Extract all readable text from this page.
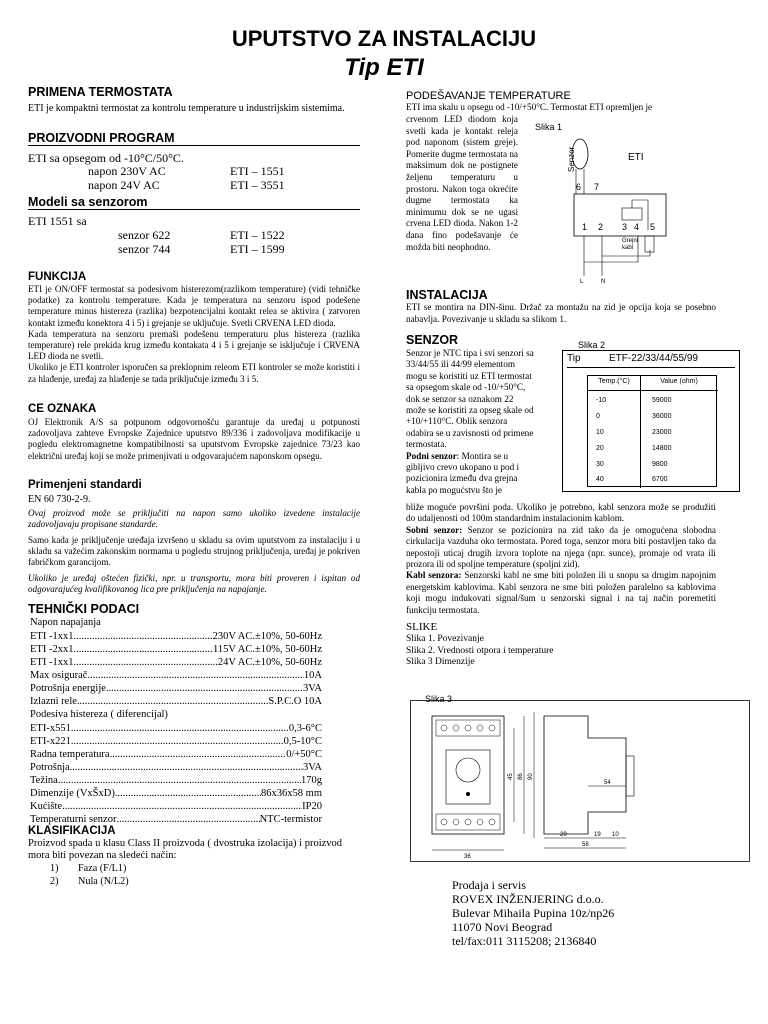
UPUTSTVO ZA INSTALACIJU
Tip ETI
PRIMENA TERMOSTATA
ETI je kompaktni termostat za kontrolu temperature u industrijskim sistemima.
PROIZVODNI PROGRAM
ETI sa opsegom od -10°C/50°C.
napon 230V AC	ETI – 1551
napon 24V AC	ETI – 3551
Modeli sa senzorom
ETI 1551 sa
senzor 622	ETI – 1522
senzor 744	ETI – 1599
FUNKCIJA
ETI je ON/OFF termostat sa podesivom histerezom(razlikom temperature) (vidi tehničke podatke) za kontrolu temperature. Kada je temperatura na senzoru ispod podešene temperature minus histereza (razlika) bezpotencijalni kontakt relea se aktivira ( zatvoren kontakt između konektora 4 i 5) i grejanje se uključuje. Svetli CRVENA LED dioda.
Kada temperatura na senzoru premaši podešenu temperaturu plus histereza (razlika temperature) rele prekida krug između kontakata 4 i 5 i grejanje se isključuje i CRVENA LED dioda ne svetli.
Ukoliko je ETI kontroler isporučen sa preklopnim releom ETI kontroler se može koristiti i za hlađenje, uređaj za hlađenje se tada priključuje između 3 i 5.
CE OZNAKA
OJ Elektronik A/S sa potpunom odgovornošću garantuje da uređaj u potpunosti zadovoljava zahteve Evropske Zajednice uputstvo 89/336 i zadovoljava modifikacije u pogledu elektromagnetne kompatibilnosti sa uputstvom Evropske zajednice 73/23 kao električni uređaj koji se može primenjivati u odgovarajućem naponskom opsegu.
Primenjeni standardi
EN 60 730-2-9.
Ovaj proizvod može se priključiti na napon samo ukoliko izvedene instalacije zadovoljavaju propisane standarde.
Samo kada je priključenje uređaja izvršeno u skladu sa ovim uputstvom za instalaciju i u skladu sa važećim zakonskim normama u pogledu strujnog priključenja, uređaj je pokriven fabričkom garancijom.
Ukoliko je uređaj oštećen fizički, npr. u transportu, mora biti proveren i ispitan od odgovarajućeg kvalifikovanog lica pre priključenja na napajanje.
TEHNIČKI PODACI
Napon napajanja
ETI -1xx1 .....	230V AC.±10%, 50-60Hz
ETI -2xx1 .....	115V AC.±10%, 50-60Hz
ETI -1xx1 .....	24V AC.±10%, 50-60Hz
Max osigurač .....	10A
Potrošnja energije .....	3VA
Izlazni rele .....	S.P.C.O 10A
Podesiva histereza ( diferencijal)
ETI-x551 .....	0,3-6°C
ETI-x221 .....	0,5-10°C
Radna temperatura .....	0/+50°C
Potrošnja .....	3VA
Težina .....	170g
Dimenzije (VxŠxD) .....	86x36x58 mm
Kućište .....	IP20
Temperaturni senzor .....	NTC-termistor
KLASIFIKACIJA
Proizvod spada u klasu Class II proizvoda ( dvostruka izolacija) i proizvod mora biti povezan na sledeći način:
1) Faza (F/L1)
2) Nula (N/L2)
PODEŠAVANJE TEMPERATURE
ETI ima skalu u opsegu od -10/+50°C. Termostat ETI opremljen je
crvenom LED diodom koja svetli kada je kontakt releja pod naponom (sistem greje). Pomerite dugme termostata na maksimum dok ne postignete željenu temperaturu u prostoru. Nakon toga okrećite dugme termostata ka minimumu dok se ne ugasi crvena LED dioda. Nakon 1-2 dana fino podešavanje će možda biti neophodno.
Slika 1
Senzor	ETI
6 7
1 2 3 4 5
Grejni
kabl
L	N
INSTALACIJA
ETI se montira na DIN-šinu. Držač za montažu na zid je opcija koja se posebno nabavlja. Povezivanje u skladu sa slikom 1.
SENZOR
Senzor je NTC tipa i svi senzori sa 33/44/55 ili 44/99 elementom mogu se koristiti uz ETI termostat sa opsegom skale od -10/+50°C, dok se senzor sa oznakom 22 može se koristiti za opseg skale od +10/+110°C. Oblik senzora odabira se u zavisnosti od primene termostata.
Podni senzor: Montira se u gibljivo crevo ukopano u pod i pozicionira između dva grejna kabla po mogućstvu što je
bliže moguće površini poda. Ukoliko je potrebno, kabl senzora može se produžiti do udaljenosti od 100m standardnim instalacionim kablom.
Sobni senzor: Senzor se pozicionira na zid tako da je omogućena slobodna cirkulacija vazduha oko termostata. Pored toga, senzor mora biti postavljen tako da nepostoji uticaj drugih izvora toplote na njega (npr. sunce), promaje od vrata ili prozora ili od spoljne temperature (spoljni zid).
Kabl senzora: Senzorski kabl ne sme biti položen ili u snopu sa drugim napojnim energetskim kablovima. Kabl senzora ne sme biti položen paralelno sa kablovima koji mogu indukovati signal/šum u senzorski signal i na taj način poremetiti funkciju termostata.
Slika 2
Tip	ETF-22/33/44/55/99
Temp.(°C)	Value (ohm)
-10	59000
0	36000
10	23000
20	14800
30	9800
40	6700
SLIKE
Slika 1. Povezivanje
Slika 2. Vrednosti otpora i temperature
Slika 3 Dimenzije
Slika 3
45 86 90
54
29	19 10
36
58
Prodaja i servis
ROVEX INŽENJERING d.o.o.
Bulevar Mihaila Pupina 10z/np26
11070 Novi Beograd
tel/fax:011 3115208; 2136840
